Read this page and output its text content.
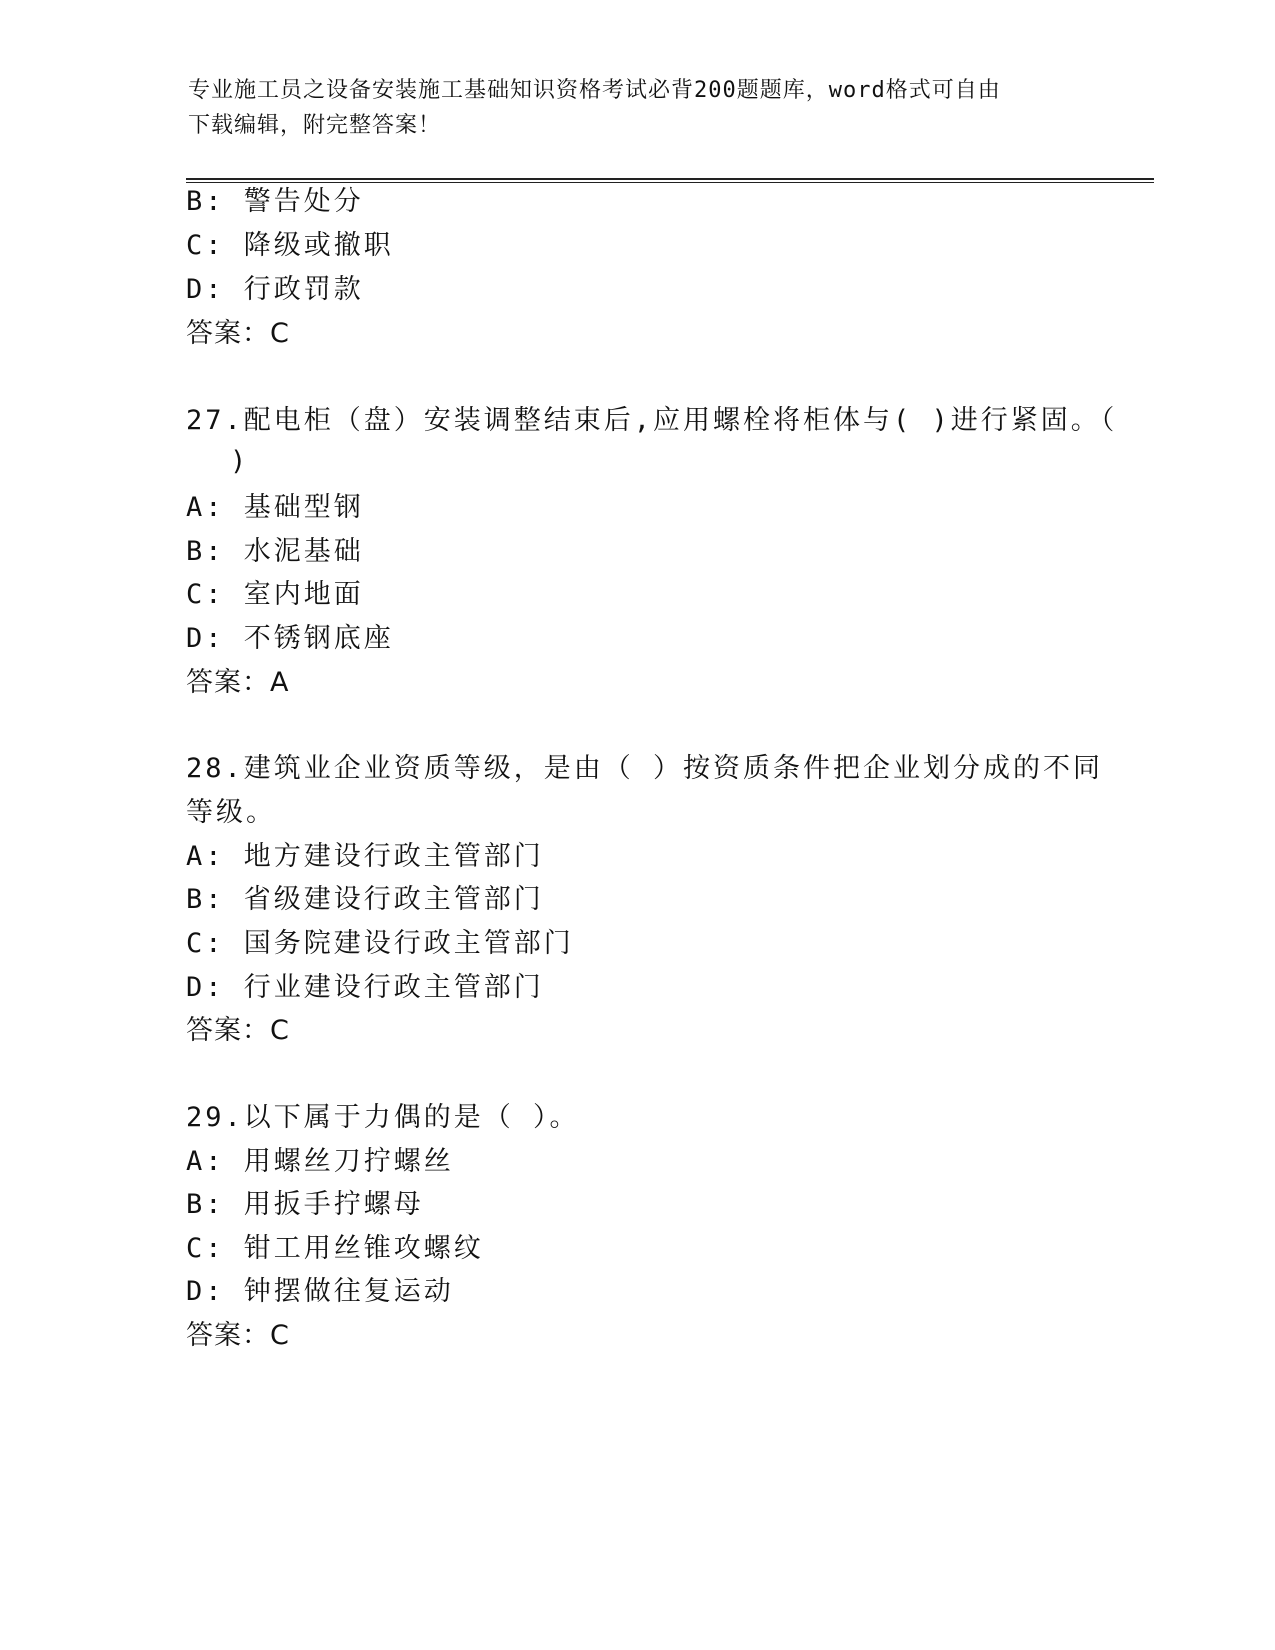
专业施工员之设备安装施工基础知识资格考试必背200题题库，word格式可自由
下载编辑，附完整答案！
B: 警告处分
C: 降级或撤职
D: 行政罚款
答案：C
27.配电柜（盘）安装调整结束后,应用螺栓将柜体与( )进行紧固。（
)
A: 基础型钢
B: 水泥基础
C: 室内地面
D: 不锈钢底座
答案：A
28.建筑业企业资质等级，是由（ ）按资质条件把企业划分成的不同
等级。
A: 地方建设行政主管部门
B: 省级建设行政主管部门
C: 国务院建设行政主管部门
D: 行业建设行政主管部门
答案：C
29.以下属于力偶的是（ ）。
A: 用螺丝刀拧螺丝
B: 用扳手拧螺母
C: 钳工用丝锥攻螺纹
D: 钟摆做往复运动
答案：C
